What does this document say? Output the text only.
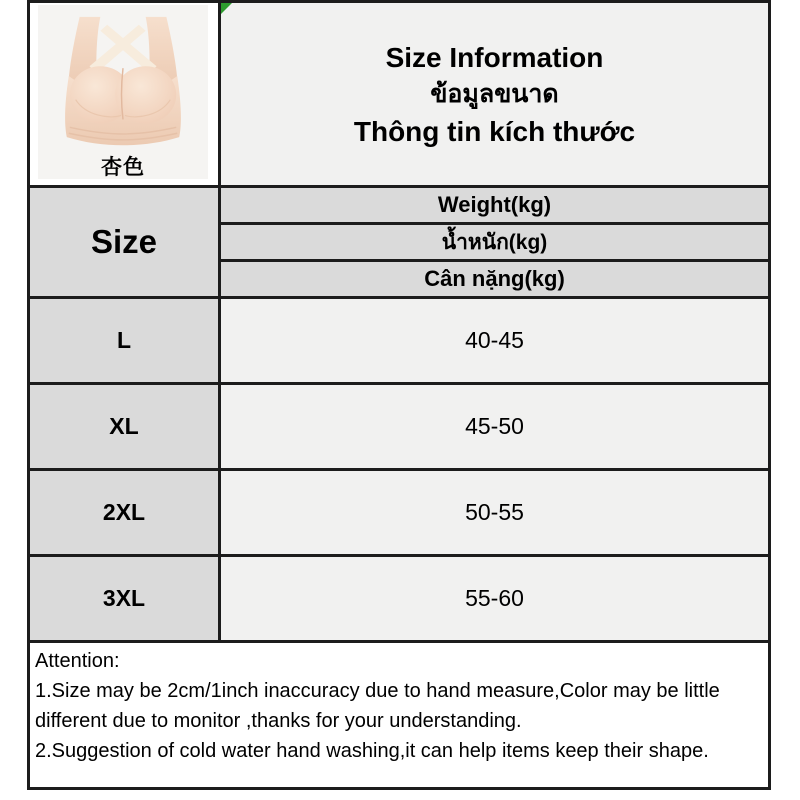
杏色	Size Information
ข้อมูลขนาด
Thông tin kích thước

Size	Weight(kg)
	น้ำหนัก(kg)
	Cân nặng(kg)
L	40-45
XL	45-50
2XL	50-55
3XL	55-60
Attention:
1.Size may be 2cm/1inch inaccuracy due to hand measure,Color may be little
different due to monitor ,thanks for your understanding.
2.Suggestion of cold water hand washing,it can help items keep their shape.
